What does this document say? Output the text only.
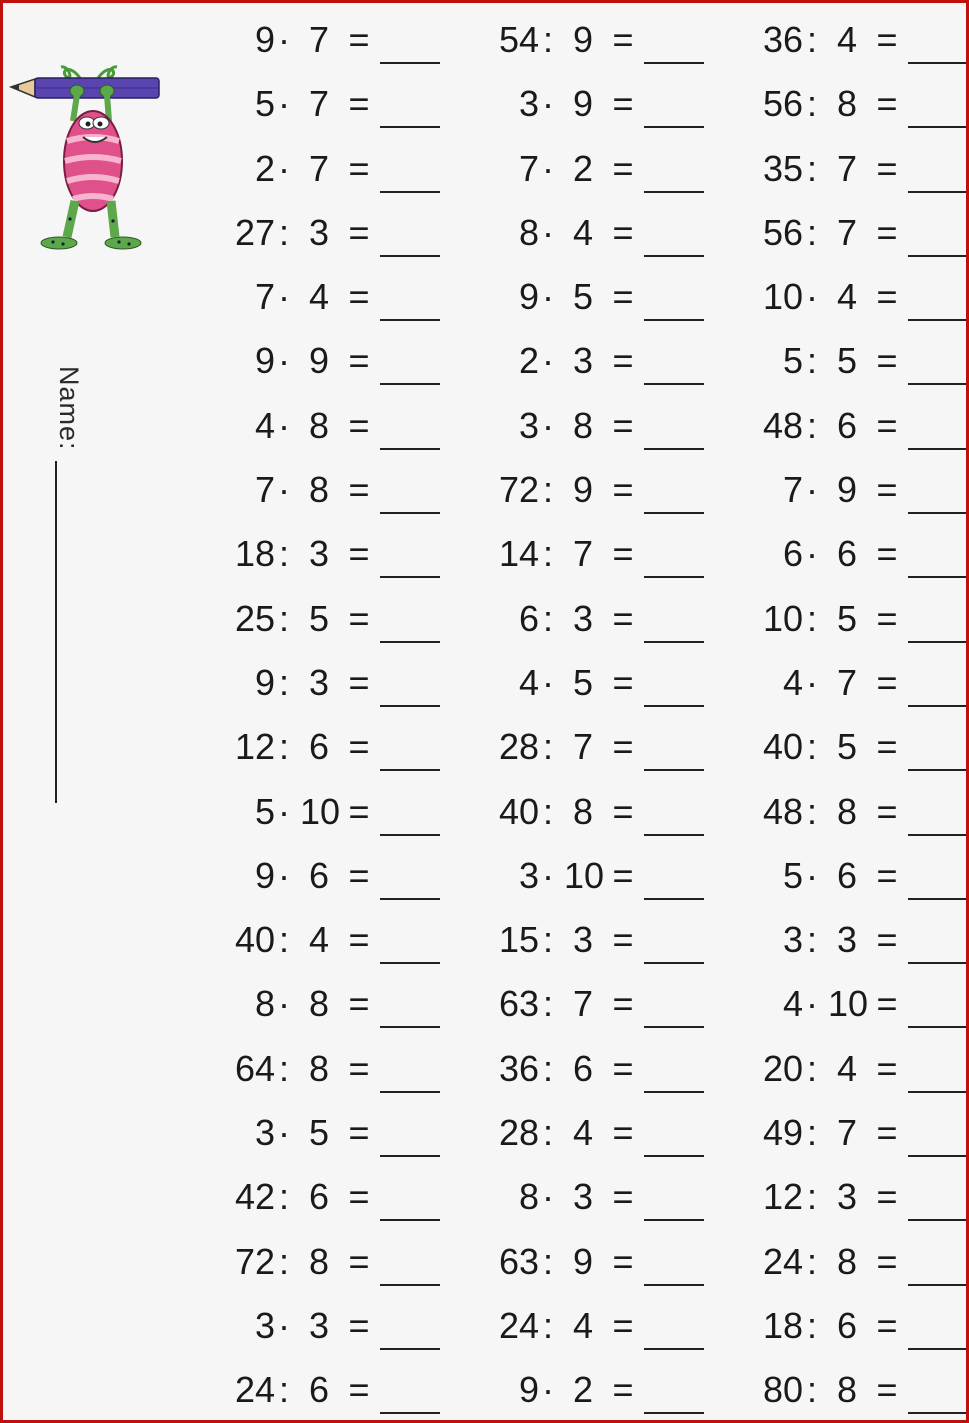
Name:
9 · 7 =
5 · 7 =
2 · 7 =
27 : 3 =
7 · 4 =
9 · 9 =
4 · 8 =
7 · 8 =
18 : 3 =
25 : 5 =
9 : 3 =
12 : 6 =
5 · 10 =
9 · 6 =
40 : 4 =
8 · 8 =
64 : 8 =
3 · 5 =
42 : 6 =
72 : 8 =
3 · 3 =
24 : 6 =
54 : 9 =
3 · 9 =
7 · 2 =
8 · 4 =
9 · 5 =
2 · 3 =
3 · 8 =
72 : 9 =
14 : 7 =
6 : 3 =
4 · 5 =
28 : 7 =
40 : 8 =
3 · 10 =
15 : 3 =
63 : 7 =
36 : 6 =
28 : 4 =
8 · 3 =
63 : 9 =
24 : 4 =
9 · 2 =
36 : 4 =
56 : 8 =
35 : 7 =
56 : 7 =
10 · 4 =
5 : 5 =
48 : 6 =
7 · 9 =
6 · 6 =
10 : 5 =
4 · 7 =
40 : 5 =
48 : 8 =
5 · 6 =
3 : 3 =
4 · 10 =
20 : 4 =
49 : 7 =
12 : 3 =
24 : 8 =
18 : 6 =
80 : 8 =
